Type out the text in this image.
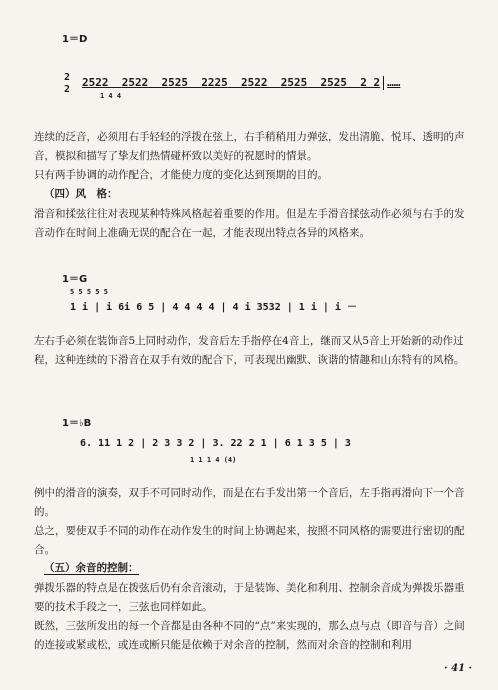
1＝D
2
2
2522 2522 2525 2225 2522 2525 2525 2 2 ……
1 4 4

连续的泛音，必须用右手轻轻的浮拨在弦上，右手稍稍用力弹弦，发出清脆、悦耳、透明的声音，模拟和描写了挚友们热情碰杯致以美好的祝愿时的情景。

只有两手协调的动作配合，才能使力度的变化达到预期的目的。

（四）风　格：

滑音和揉弦往往对表现某种特殊风格起着重要的作用。但是左手滑音揉弦动作必须与右手的发音动作在时间上准确无误的配合在一起，才能表现出特点各异的风格来。

1＝G
5 5 5 5 5
1 i | i 6i 6 5 | 4 4 4 4 | 4 i 3532 | 1 i | i －

左右手必须在装饰音5上同时动作，发音后左手指停在4音上，继而又从5音上开始新的动作过程，这种连续的下滑音在双手有效的配合下，可表现出幽默、诙谐的情趣和山东特有的风格。

1＝♭B
6. 11 1 2 | 2 3 3 2 | 3. 22 2 1 | 6 1 3 5 | 3
1 1 1 4 (4)

例中的滑音的演奏，双手不可同时动作，而是在右手发出第一个音后，左手指再滑向下一个音的。

总之，要使双手不同的动作在动作发生的时间上协调起来，按照不同风格的需要进行密切的配合。

（五）余音的控制：

弹拨乐器的特点是在拨弦后仍有余音滚动，于是装饰、美化和利用、控制余音成为弹拨乐器重要的技术手段之一，三弦也同样如此。

既然，三弦所发出的每一个音都是由各种不同的“点”来实现的，那么点与点（即音与音）之间的连接或紧或松，或连或断只能是依赖于对余音的控制，然而对余音的控制和利用

· 41 ·
